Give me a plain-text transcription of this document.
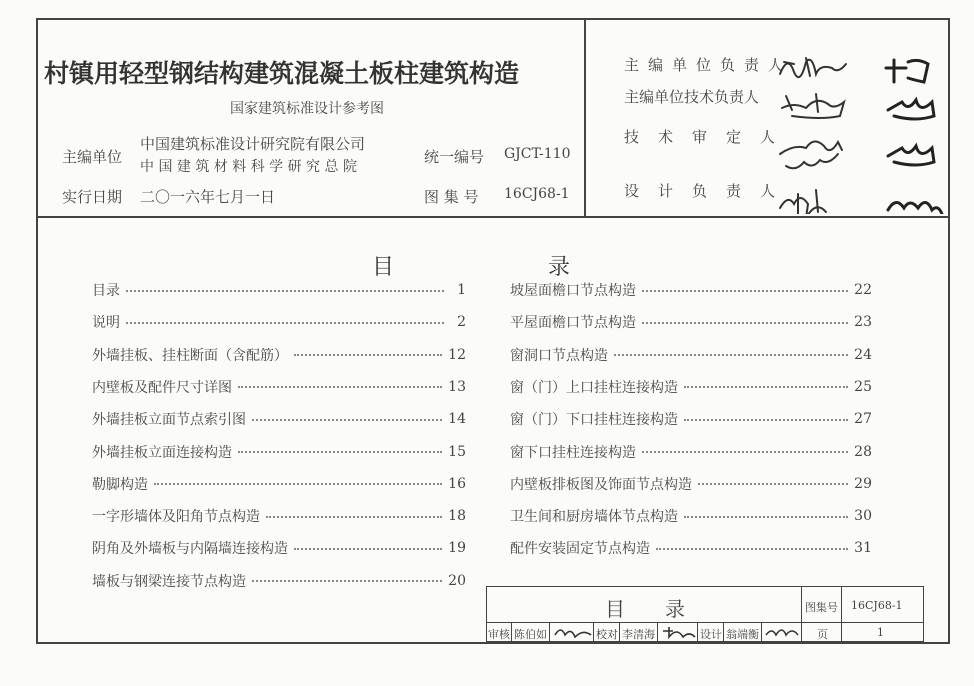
村镇用轻型钢结构建筑混凝土板柱建筑构造
国家建筑标准设计参考图
主编单位
中国建筑标准设计研究院有限公司
中 国 建 筑 材 料 科 学 研 究 总 院
实行日期 二〇一六年七月一日
统一编号 GJCT-110
图 集 号 16CJ68-1
主编单位负责人
主编单位技术负责人
技术审定人
设计负责人
目	录
目录	1
说明	2
外墙挂板、挂柱断面（含配筋）	12
内壁板及配件尺寸详图	13
外墙挂板立面节点索引图	14
外墙挂板立面连接构造	15
勒脚构造	16
一字形墙体及阳角节点构造	18
阴角及外墙板与内隔墙连接构造	19
墙板与钢梁连接节点构造	20
坡屋面檐口节点构造	22
平屋面檐口节点构造	23
窗洞口节点构造	24
窗（门）上口挂柱连接构造	25
窗（门）下口挂柱连接构造	27
窗下口挂柱连接构造	28
内壁板排板图及饰面节点构造	29
卫生间和厨房墙体节点构造	30
配件安装固定节点构造	31
目 录	图集号 16CJ68-1
审核 陈伯如	校对 李清海	设计 翁端衡	页	1
